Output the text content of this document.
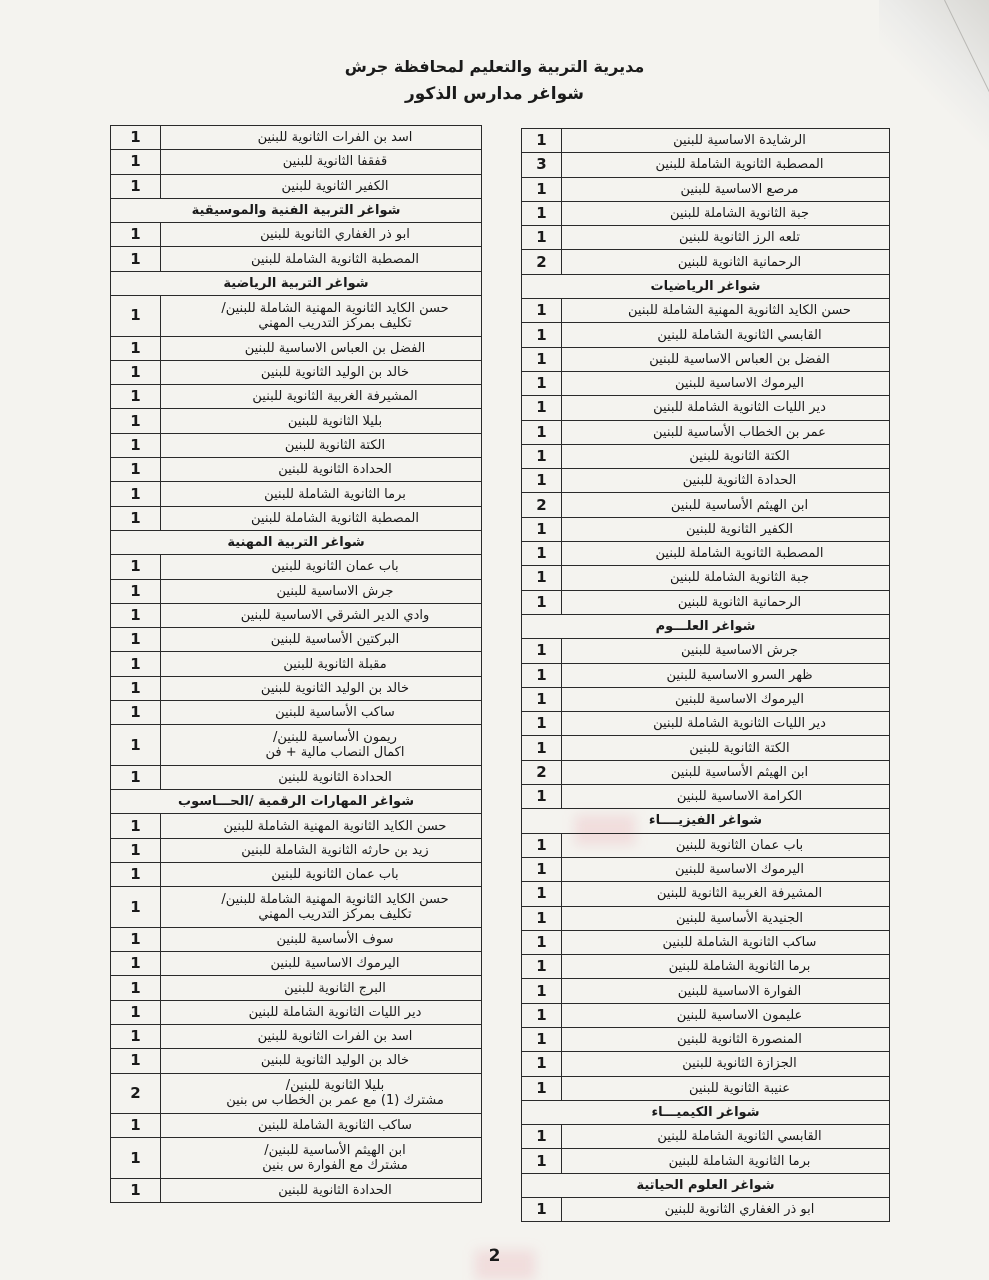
مديرية التربية والتعليم لمحافظة جرش
شواغر مدارس الذكور
الرشايدة الاساسية للبنين	1

المصطبة الثانوية الشاملة للبنين	3

مرصع الاساسية للبنين	1

جبة الثانوية الشاملة للبنين	1

تلعه الرز الثانوية للبنين	1

الرحمانية الثانوية للبنين	2
شواغر الرياضيات	

حسن الكايد الثانوية المهنية الشاملة للبنين	1

القابسي الثانوية الشاملة للبنين	1

الفضل بن العباس الاساسية للبنين	1

اليرموك الاساسية للبنين	1

دير الليات الثانوية الشاملة للبنين	1

عمر بن الخطاب الأساسية للبنين	1

الكتة الثانوية للبنين	1

الحدادة الثانوية للبنين	1

ابن الهيثم الأساسية للبنين	2

الكفير الثانوية للبنين	1

المصطبة الثانوية الشاملة للبنين	1

جبة الثانوية الشاملة للبنين	1

الرحمانية الثانوية للبنين	1
شواغر العلـــوم	

جرش الاساسية للبنين	1

ظهر السرو الاساسية للبنين	1

اليرموك الاساسية للبنين	1

دير الليات الثانوية الشاملة للبنين	1

الكتة الثانوية للبنين	1

ابن الهيثم الأساسية للبنين	2

الكرامة الاساسية للبنين	1
شواغر الفيزيــــاء	

باب عمان الثانوية للبنين	1

اليرموك الاساسية للبنين	1

المشيرفة الغربية الثانوية للبنين	1

الجنيدية الأساسية للبنين	1

ساكب الثانوية الشاملة للبنين	1

برما الثانوية الشاملة للبنين	1

الفوارة الاساسية للبنين	1

عليمون الاساسية للبنين	1

المنصورة الثانوية للبنين	1

الجزازة الثانوية للبنين	1

عنيبة الثانوية للبنين	1
شواغر الكيميـــاء	

القابسي الثانوية الشاملة للبنين	1

برما الثانوية الشاملة للبنين	1
شواغر العلوم الحياتية	

ابو ذر الغفاري الثانوية للبنين	1
اسد بن الفرات الثانوية للبنين	1

قفقفا الثانوية للبنين	1

الكفير الثانوية للبنين	1
شواغر التربية الفنية والموسيقية	

ابو ذر الغفاري الثانوية للبنين	1

المصطبة الثانوية الشاملة للبنين	1
شواغر التربية الرياضية	

حسن الكايد الثانوية المهنية الشاملة للبنين/
تكليف بمركز التدريب المهني	1

الفضل بن العباس الاساسية للبنين	1

خالد بن الوليد الثانوية للبنين	1

المشيرفة الغربية الثانوية للبنين	1

بليلا الثانوية للبنين	1

الكتة الثانوية للبنين	1

الحدادة الثانوية للبنين	1

برما الثانوية الشاملة للبنين	1

المصطبة الثانوية الشاملة للبنين	1
شواغر التربية المهنية	

باب عمان الثانوية للبنين	1

جرش الاساسية للبنين	1

وادي الدير الشرقي الاساسية للبنين	1

البركتين الأساسية للبنين	1

مقبلة الثانوية للبنين	1

خالد بن الوليد الثانوية للبنين	1

ساكب الأساسية للبنين	1

ريمون الأساسية للبنين/
اكمال النصاب مالية + فن	1

الحدادة الثانوية للبنين	1
شواغر المهارات الرقمية /الحـــاسوب	

حسن الكايد الثانوية المهنية الشاملة للبنين	1

زيد بن حارثه الثانوية الشاملة للبنين	1

باب عمان الثانوية للبنين	1

حسن الكايد الثانوية المهنية الشاملة للبنين/
تكليف بمركز التدريب المهني	1

سوف الأساسية للبنين	1

اليرموك الاساسية للبنين	1

البرج الثانوية للبنين	1

دير الليات الثانوية الشاملة للبنين	1

اسد بن الفرات الثانوية للبنين	1

خالد بن الوليد الثانوية للبنين	1

بليلا الثانوية للبنين/
مشترك (1) مع عمر بن الخطاب س بنين	2

ساكب الثانوية الشاملة للبنين	1

ابن الهيثم الأساسية للبنين/
مشترك مع الفوارة س بنين	1

الحدادة الثانوية للبنين	1
2
